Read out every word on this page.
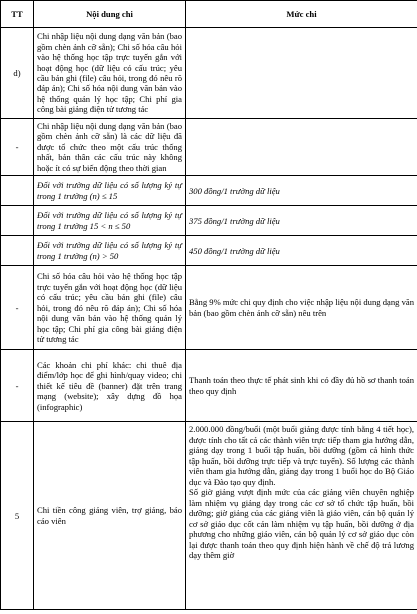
TT	Nội dung chi	Mức chi
d)	Chi nhập liệu nội dung dạng văn bản (bao gồm chèn ảnh cỡ sẵn); Chi số hóa câu hỏi vào hệ thống học tập trực tuyến gắn với hoạt động học (dữ liệu có cấu trúc; yêu cầu bản ghi (file) câu hỏi, trong đó nêu rõ đáp án); Chi số hóa nội dung văn bản vào hệ thống quản lý học tập; Chi phí gia công bài giảng điện tử tương tác	
-	Chi nhập liệu nội dung dạng văn bản (bao gồm chèn ảnh cỡ sẵn) là các dữ liệu đã được tổ chức theo một cấu trúc thống nhất, bản thân các cấu trúc này không hoặc ít có sự biến động theo thời gian	
	Đối với trường dữ liệu có số lượng ký tự trong 1 trường (n) ≤ 15	300 đồng/1 trường dữ liệu
	Đối với trường dữ liệu có số lượng ký tự trong 1 trường 15 < n ≤ 50	375 đồng/1 trường dữ liệu
	Đối với trường dữ liệu có số lượng ký tự trong 1 trường (n) > 50	450 đồng/1 trường dữ liệu
-	Chi số hóa câu hỏi vào hệ thống học tập trực tuyến gắn với hoạt động học (dữ liệu có cấu trúc; yêu cầu bản ghi (file) câu hỏi, trong đó nêu rõ đáp án); Chi số hóa nội dung văn bản vào hệ thống quản lý học tập; Chi phí gia công bài giảng điện tử tương tác	Bằng 9% mức chi quy định cho việc nhập liệu nội dung dạng văn bản (bao gồm chèn ảnh cỡ sẵn) nêu trên
-	Các khoản chi phí khác: chi thuê địa điểm/lớp học để ghi hình/quay video; chi thiết kế tiêu đề (banner) đặt trên trang mạng (website); xây dựng đồ họa (infographic)	Thanh toán theo thực tế phát sinh khi có đầy đủ hồ sơ thanh toán theo quy định
5	Chi tiền công giảng viên, trợ giảng, báo cáo viên	2.000.000 đồng/buổi (một buổi giảng được tính bằng 4 tiết học), được tính cho tất cả các thành viên trực tiếp tham gia hướng dẫn, giảng dạy trong 1 buổi tập huấn, bồi dưỡng (gồm cả hình thức tập huấn, bồi dưỡng trực tiếp và trực tuyến). Số lượng các thành viên tham gia hướng dẫn, giảng dạy trong 1 buổi học do Bộ Giáo dục và Đào tạo quy định.
Số giờ giảng vượt định mức của các giảng viên chuyên nghiệp làm nhiệm vụ giảng dạy trong các cơ sở tổ chức tập huấn, bồi dưỡng; giờ giảng của các giảng viên là giáo viên, cán bộ quản lý cơ sở giáo dục cốt cán làm nhiệm vụ tập huấn, bồi dưỡng ở địa phương cho những giáo viên, cán bộ quản lý cơ sở giáo dục còn lại được thanh toán theo quy định hiện hành về chế độ trả lương dạy thêm giờ
